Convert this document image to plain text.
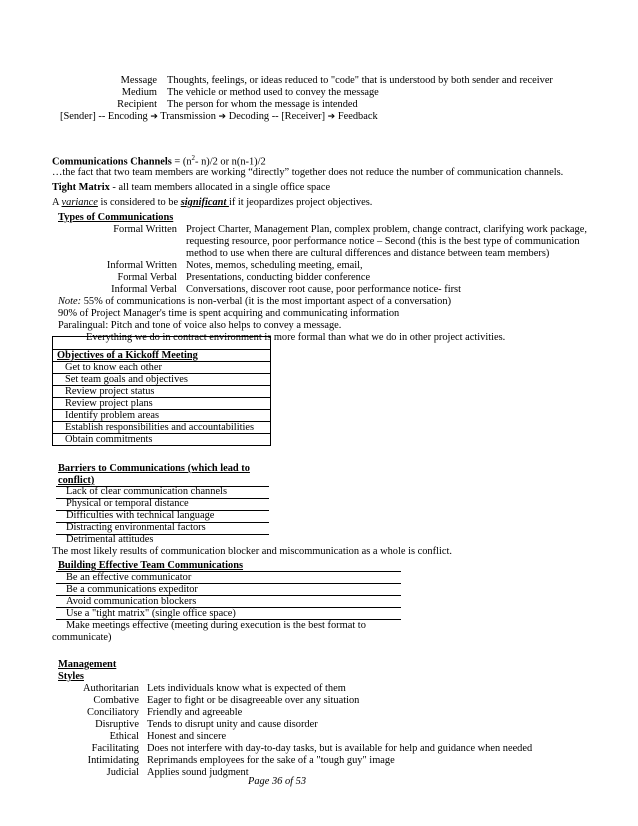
Message Thoughts, feelings, or ideas reduced to "code" that is understood by both sender and receiver
Medium The vehicle or method used to convey the message
Recipient The person for whom the message is intended
[Sender] -- Encoding ➔ Transmission ➔ Decoding -- [Receiver] ➔ Feedback
Communications Channels = ($n^2-$ n)/2 or n(n-1)/2
…the fact that two team members are working “directly” together does not reduce the number of communication channels.
Tight Matrix - all team members allocated in a single office space
A variance is considered to be significant if it jeopardizes project objectives.
Types of Communications
Formal Written Project Charter, Management Plan, complex problem, change contract, clarifying work package, requesting resource, poor performance notice – Second (this is the best type of communication method to use when there are cultural differences and distance between team members)
Informal Written Notes, memos, scheduling meeting, email,
Formal Verbal Presentations, conducting bidder conference
Informal Verbal Conversations, discover root cause, poor performance notice- first
Note: 55% of communications is non-verbal (it is the most important aspect of a conversation)
90% of Project Manager's time is spent acquiring and communicating information
Paralingual: Pitch and tone of voice also helps to convey a message.
Everything we do in contract environment is more formal than what we do in other project activities.
Objectives of a Kickoff Meeting
Get to know each other
Set team goals and objectives
Review project status
Review project plans
Identify problem areas
Establish responsibilities and accountabilities
Obtain commitments
Barriers to Communications (which lead to
conflict)
Lack of clear communication channels
Physical or temporal distance
Difficulties with technical language
Distracting environmental factors
Detrimental attitudes
The most likely results of communication blocker and miscommunication as a whole is conflict.
Building Effective Team Communications
Be an effective communicator
Be a communications expeditor
Avoid communication blockers
Use a "tight matrix" (single office space)
Make meetings effective (meeting during execution is the best format to
communicate)
Management
Styles
Authoritarian Lets individuals know what is expected of them
Combative Eager to fight or be disagreeable over any situation
Conciliatory Friendly and agreeable
Disruptive Tends to disrupt unity and cause disorder
Ethical Honest and sincere
Facilitating Does not interfere with day-to-day tasks, but is available for help and guidance when needed
Intimidating Reprimands employees for the sake of a "tough guy" image
Judicial Applies sound judgment
Page 36 of 53
